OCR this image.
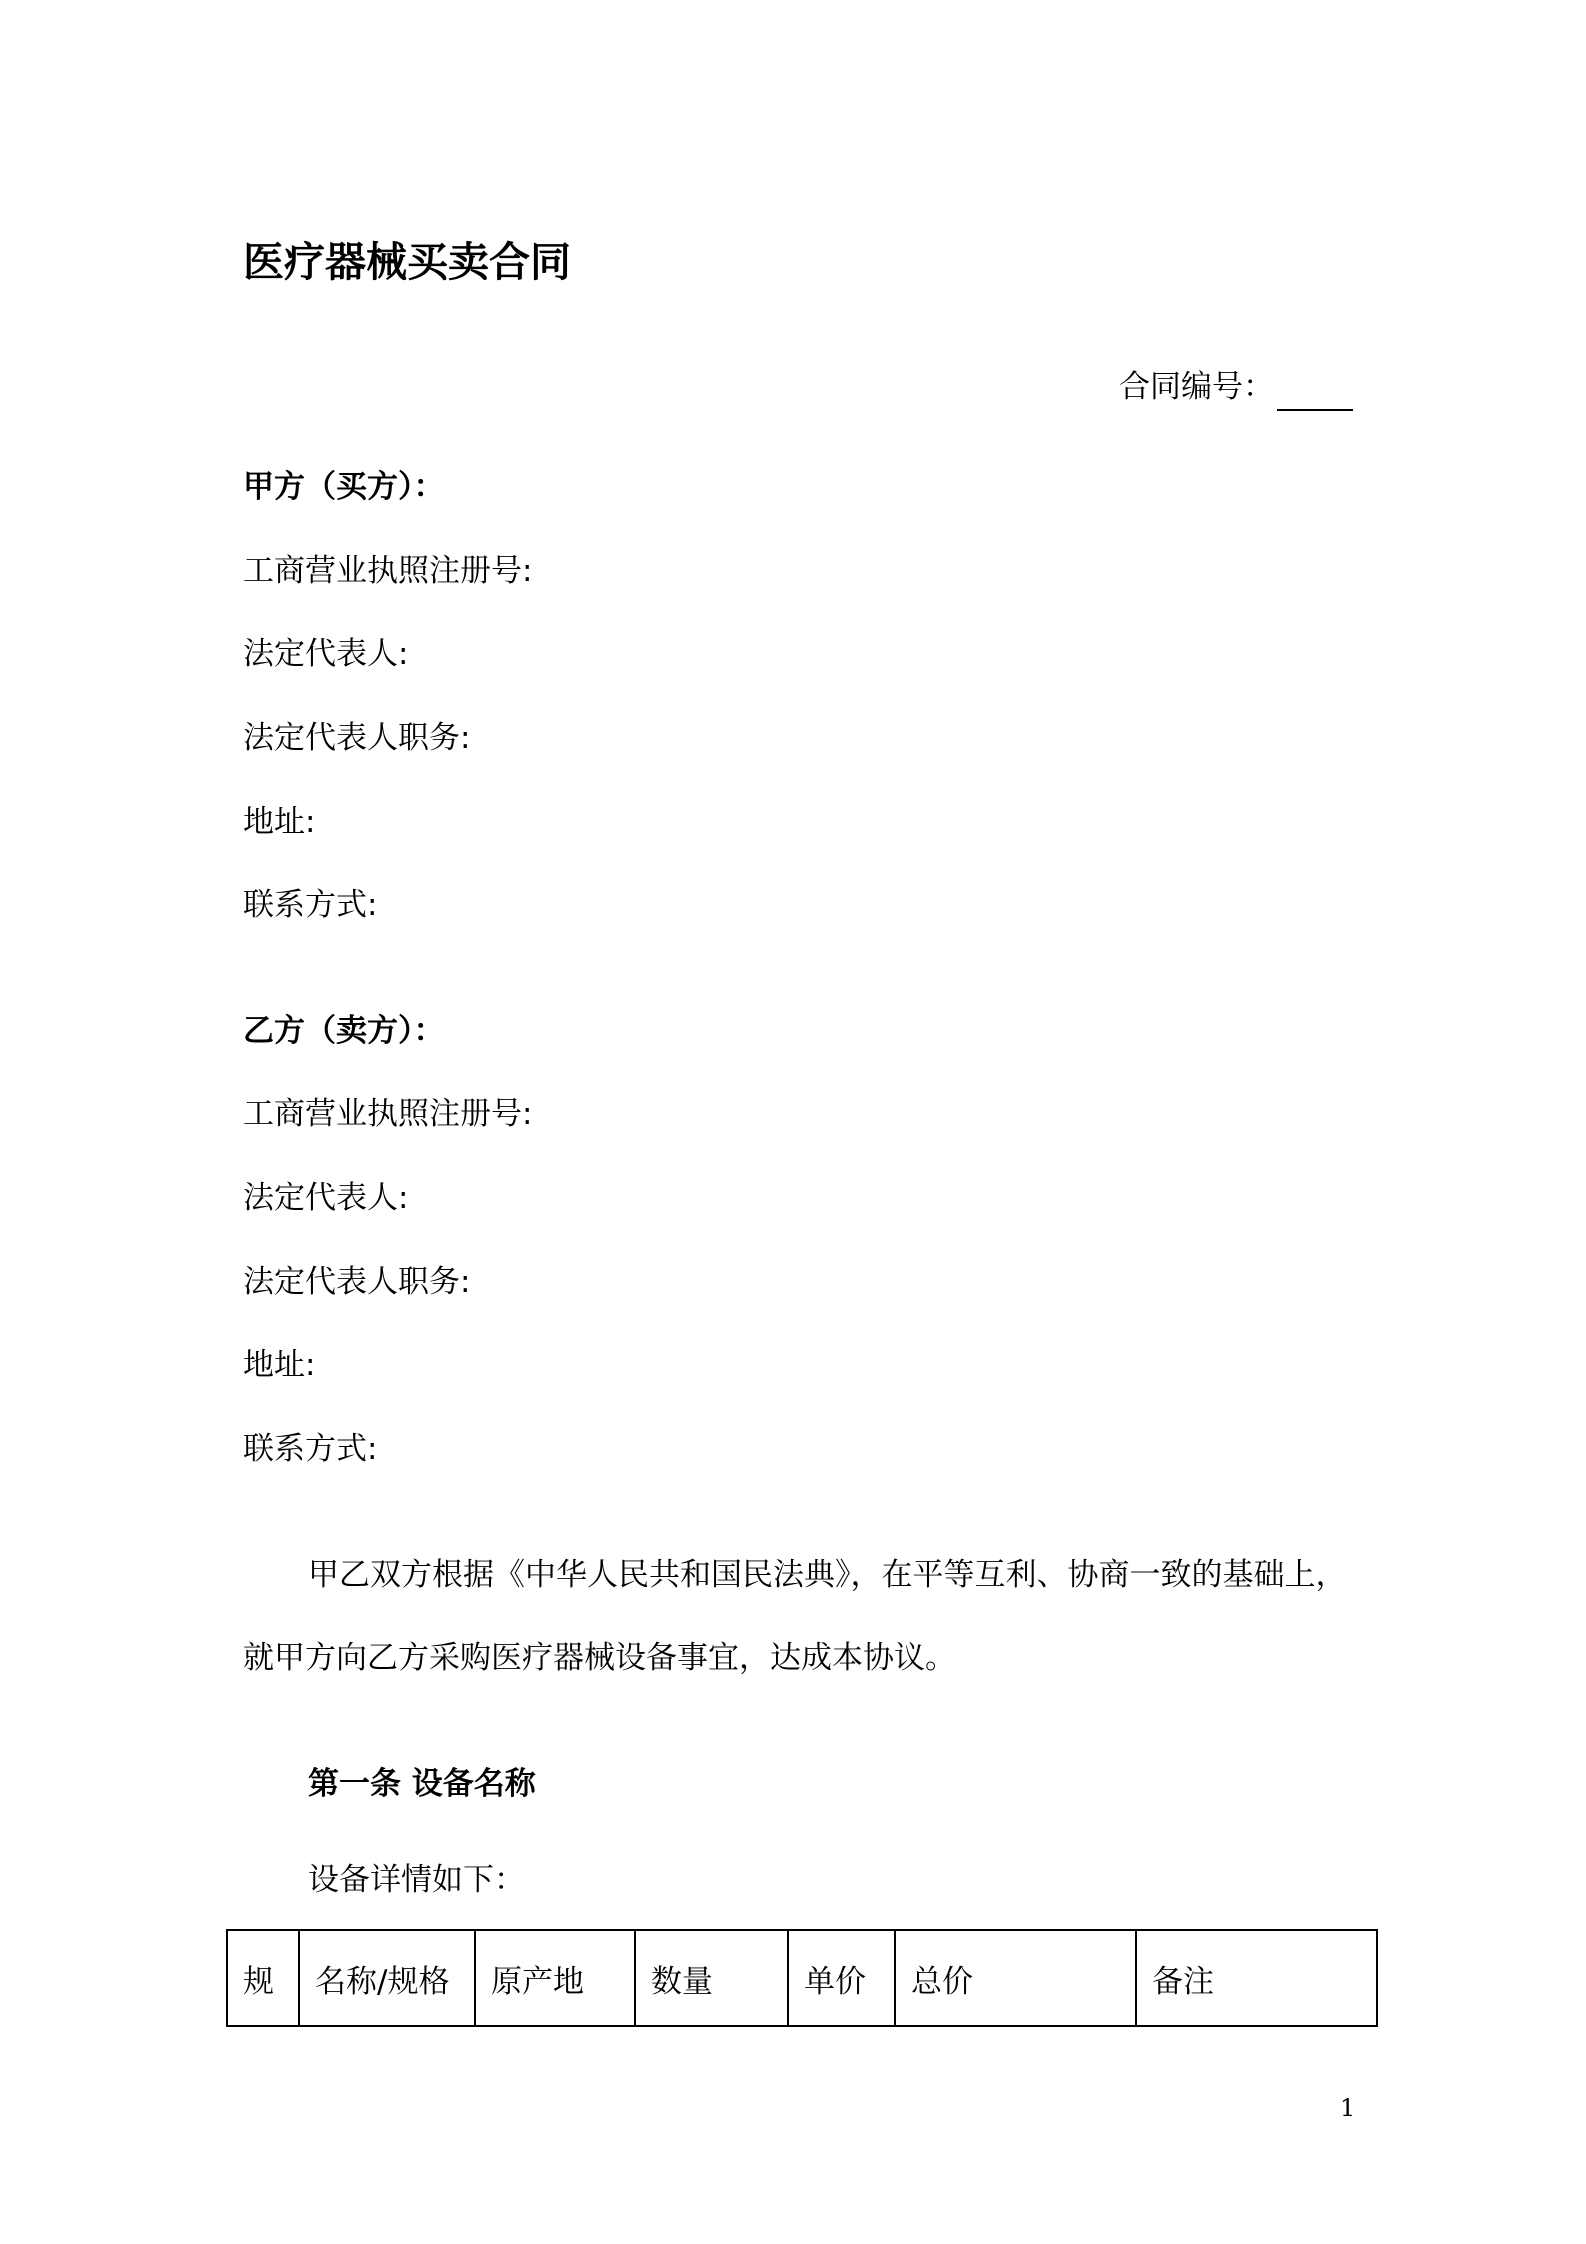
医疗器械买卖合同
合同编号：
甲方（买方）：
工商营业执照注册号:
法定代表人:
法定代表人职务:
地址:
联系方式:
乙方（卖方）：
工商营业执照注册号:
法定代表人:
法定代表人职务:
地址:
联系方式:
甲乙双方根据《中华人民共和国民法典》，在平等互利、协商一致的基础上，
就甲方向乙方采购医疗器械设备事宜，达成本协议。
第一条 设备名称
设备详情如下：
规	名称/规格	原产地	数量	单价	总价	备注
1
